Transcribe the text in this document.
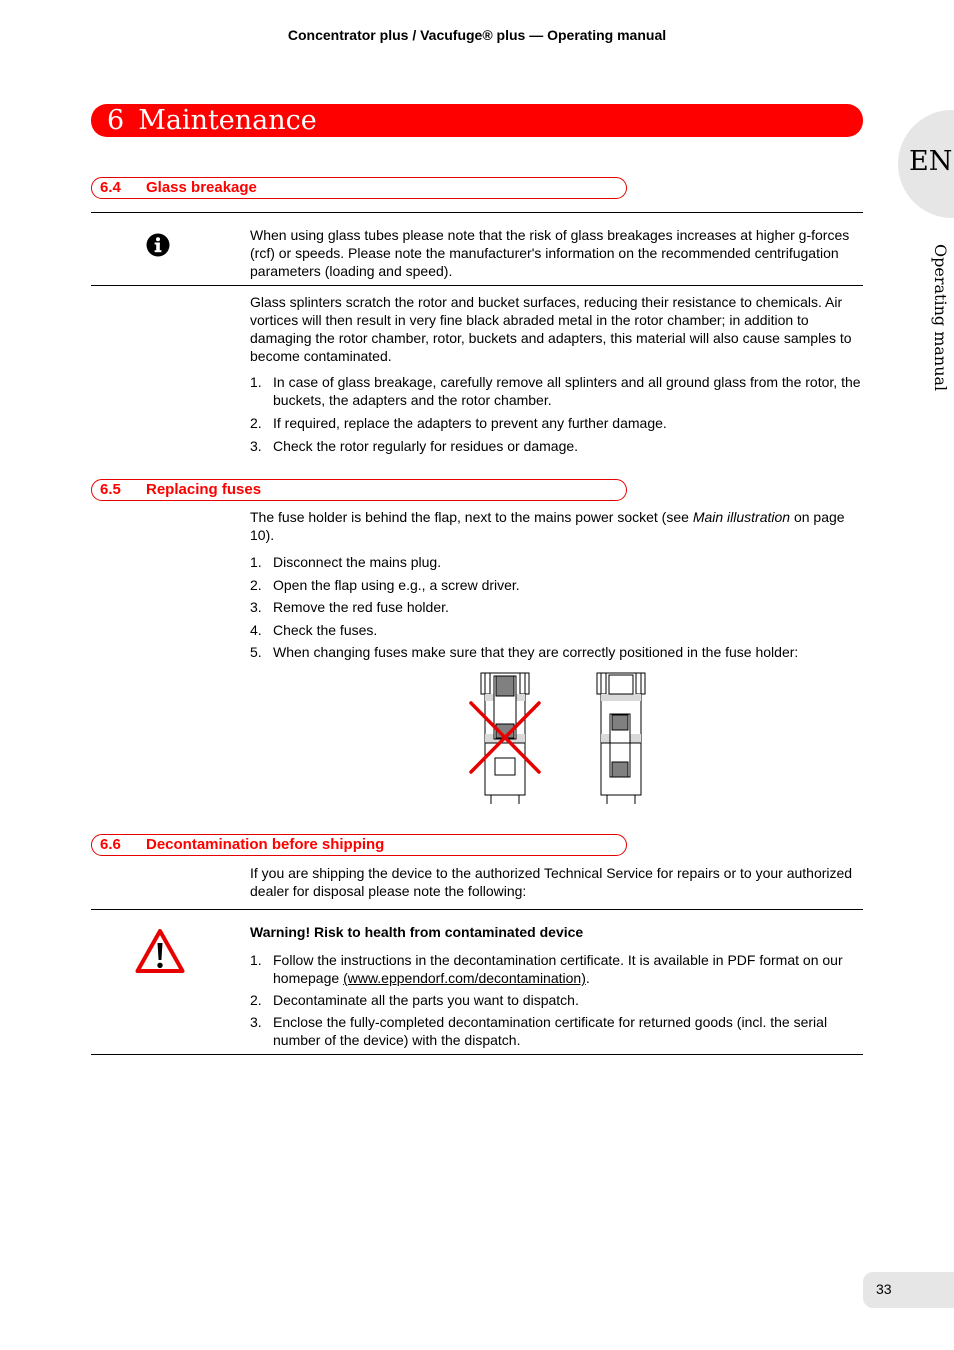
Concentrator plus / Vacufuge® plus — Operating manual
6 Maintenance
EN
Operating manual
6.4 Glass breakage
When using glass tubes please note that the risk of glass breakages increases at higher g-forces (rcf) or speeds. Please note the manufacturer's information on the recommended centrifugation parameters (loading and speed).
Glass splinters scratch the rotor and bucket surfaces, reducing their resistance to chemicals. Air vortices will then result in very fine black abraded metal in the rotor chamber; in addition to damaging the rotor chamber, rotor, buckets and adapters, this material will also cause samples to become contaminated.
1. In case of glass breakage, carefully remove all splinters and all ground glass from the rotor, the buckets, the adapters and the rotor chamber.
2. If required, replace the adapters to prevent any further damage.
3. Check the rotor regularly for residues or damage.
6.5 Replacing fuses
The fuse holder is behind the flap, next to the mains power socket (see Main illustration on page 10).
1. Disconnect the mains plug.
2. Open the flap using e.g., a screw driver.
3. Remove the red fuse holder.
4. Check the fuses.
5. When changing fuses make sure that they are correctly positioned in the fuse holder:
6.6 Decontamination before shipping
If you are shipping the device to the authorized Technical Service for repairs or to your authorized dealer for disposal please note the following:
Warning! Risk to health from contaminated device
1. Follow the instructions in the decontamination certificate. It is available in PDF format on our homepage (www.eppendorf.com/decontamination).
2. Decontaminate all the parts you want to dispatch.
3. Enclose the fully-completed decontamination certificate for returned goods (incl. the serial number of the device) with the dispatch.
33
